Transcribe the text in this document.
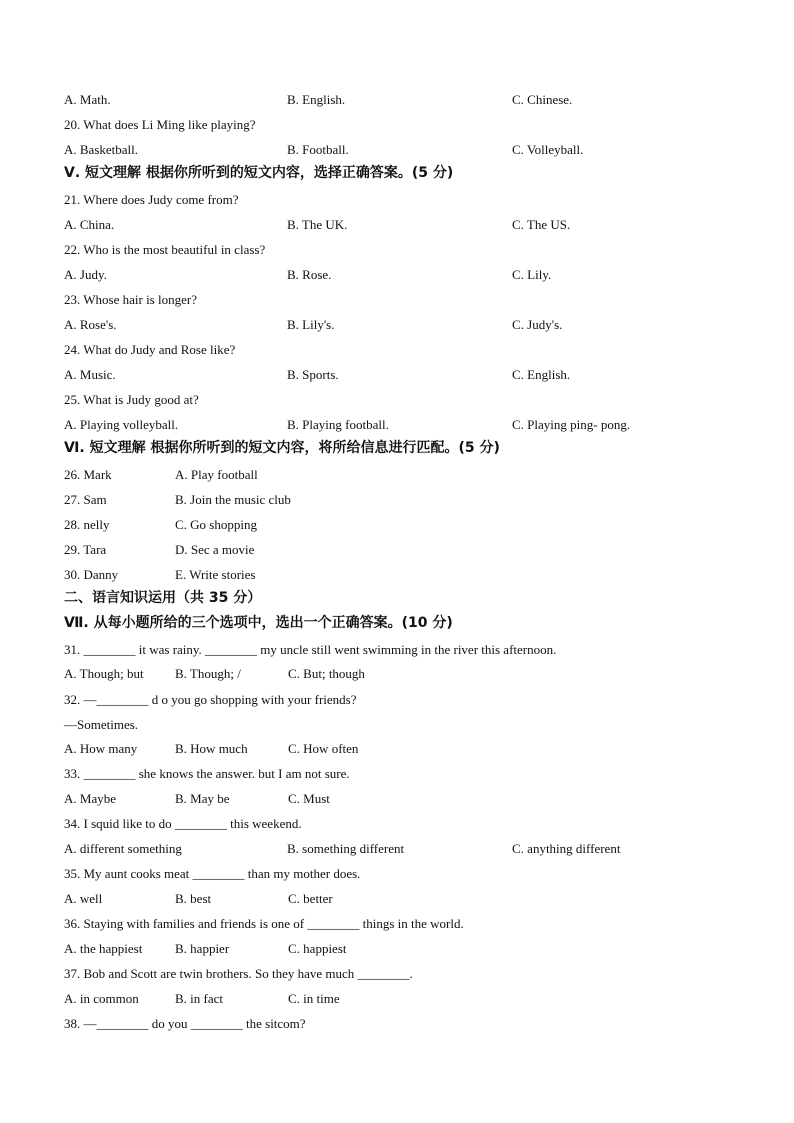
A. Math.	B. English.	C. Chinese.
20. What does Li Ming like playing?
A. Basketball.	B. Football.	C. Volleyball.
Ⅴ. 短文理解 根据你所听到的短文内容，选择正确答案。(5 分)
21. Where does Judy come from?
A. China.	B. The UK.	C. The US.
22. Who is the most beautiful in class?
A. Judy.	B. Rose.	C. Lily.
23. Whose hair is longer?
A. Rose's.	B. Lily's.	C. Judy's.
24. What do Judy and Rose like?
A. Music.	B. Sports.	C. English.
25. What is Judy good at?
A. Playing volleyball.	B. Playing football.	C. Playing ping- pong.
Ⅵ. 短文理解 根据你所听到的短文内容，将所给信息进行匹配。(5 分)
26. Mark	A. Play football
27. Sam	B. Join the music club
28. nelly	C. Go shopping
29. Tara	D. Sec a movie
30. Danny	E. Write stories
二、语言知识运用（共 35 分）
Ⅶ. 从每小题所给的三个选项中，选出一个正确答案。(10 分)
31. ________ it was rainy. ________ my uncle still went swimming in the river this afternoon.
A. Though; but B. Though; /	C. But; though
32. —________ d o you go shopping with your friends?
—Sometimes.
A. How many	B. How much	C. How often
33. ________ she knows the answer. but I am not sure.
A. Maybe	B. May be	C. Must
34. I squid like to do ________ this weekend.
A. different something	B. something different	C. anything different
35. My aunt cooks meat ________ than my mother does.
A. well	B. best	C. better
36. Staying with families and friends is one of ________ things in the world.
A. the happiest	B. happier	C. happiest
37. Bob and Scott are twin brothers. So they have much ________.
A. in common	B. in fact	C. in time
38. —________ do you ________ the sitcom?
